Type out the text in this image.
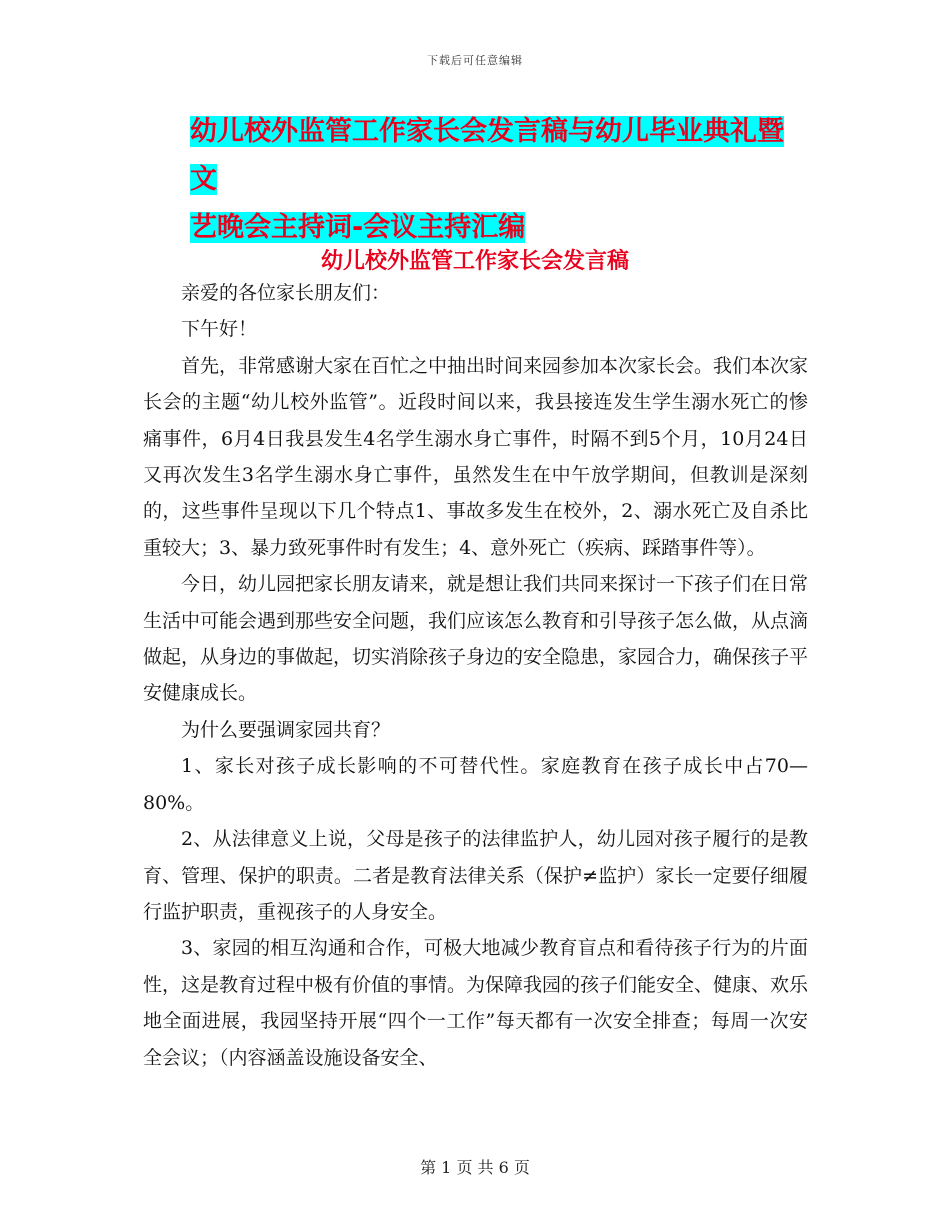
下载后可任意编辑
幼儿校外监管工作家长会发言稿与幼儿毕业典礼暨文
艺晚会主持词-会议主持汇编
幼儿校外监管工作家长会发言稿

亲爱的各位家长朋友们：

下午好！

首先，非常感谢大家在百忙之中抽出时间来园参加本次家长会。我们本次家长会的主题“幼儿校外监管”。近段时间以来，我县接连发生学生溺水死亡的惨痛事件，6月4日我县发生4名学生溺水身亡事件，时隔不到5个月，10月24日又再次发生3名学生溺水身亡事件，虽然发生在中午放学期间，但教训是深刻的，这些事件呈现以下几个特点1、事故多发生在校外，2、溺水死亡及自杀比重较大；3、暴力致死事件时有发生；4、意外死亡（疾病、踩踏事件等）。

今日，幼儿园把家长朋友请来，就是想让我们共同来探讨一下孩子们在日常生活中可能会遇到那些安全问题，我们应该怎么教育和引导孩子怎么做，从点滴做起，从身边的事做起，切实消除孩子身边的安全隐患，家园合力，确保孩子平安健康成长。

为什么要强调家园共育？

1、家长对孩子成长影响的不可替代性。家庭教育在孩子成长中占70—80%。

2、从法律意义上说，父母是孩子的法律监护人，幼儿园对孩子履行的是教育、管理、保护的职责。二者是教育法律关系（保护≠监护）家长一定要仔细履行监护职责，重视孩子的人身安全。

3、家园的相互沟通和合作，可极大地减少教育盲点和看待孩子行为的片面性，这是教育过程中极有价值的事情。为保障我园的孩子们能安全、健康、欢乐地全面进展，我园坚持开展“四个一工作”每天都有一次安全排查；每周一次安全会议；（内容涵盖设施设备安全、

第 1 页 共 6 页
